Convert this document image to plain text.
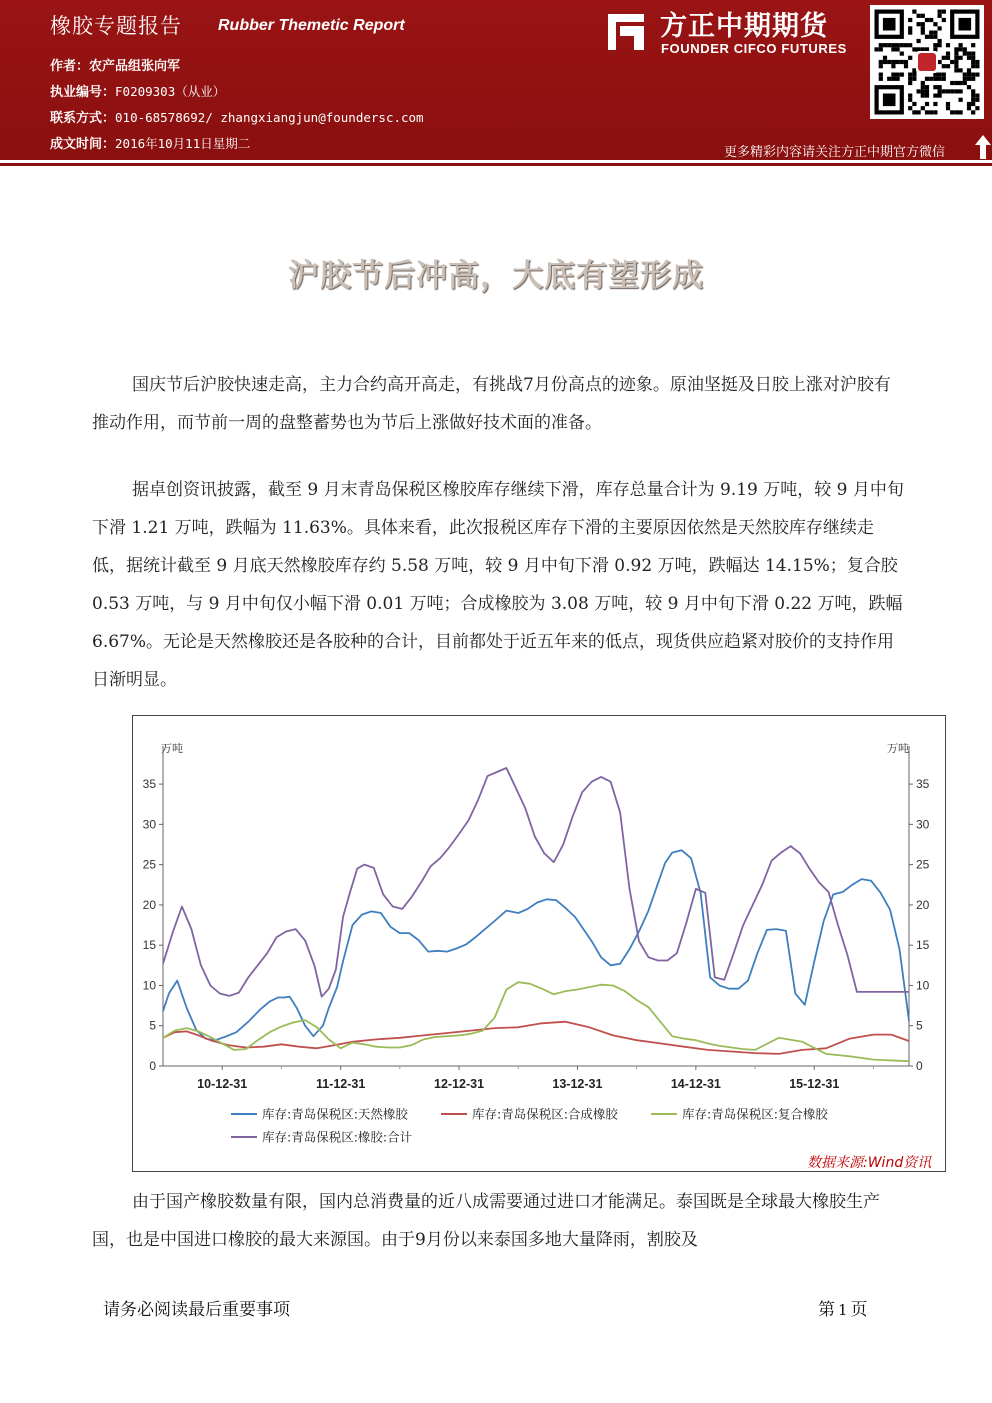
橡胶专题报告 Rubber Themetic Report
作者：农产品组张向军
执业编号：F0209303（从业）
联系方式：010-68578692/ zhangxiangjun@foundersc.com
成文时间：2016年10月11日星期二
方正中期期货
FOUNDER CIFCO FUTURES
更多精彩内容请关注方正中期官方微信
沪胶节后冲高，大底有望形成

国庆节后沪胶快速走高，主力合约高开高走，有挑战7月份高点的迹象。原油坚挺及日胶上涨对沪胶有推动作用，而节前一周的盘整蓄势也为节后上涨做好技术面的准备。

据卓创资讯披露，截至 9 月末青岛保税区橡胶库存继续下滑，库存总量合计为 9.19 万吨，较 9 月中旬下滑 1.21 万吨，跌幅为 11.63%。具体来看，此次报税区库存下滑的主要原因依然是天然胶库存继续走低，据统计截至 9 月底天然橡胶库存约 5.58 万吨，较 9 月中旬下滑 0.92 万吨，跌幅达 14.15%；复合胶 0.53 万吨，与 9 月中旬仅小幅下滑 0.01 万吨；合成橡胶为 3.08 万吨，较 9 月中旬下滑 0.22 万吨，跌幅 6.67%。无论是天然橡胶还是各胶种的合计，目前都处于近五年来的低点，现货供应趋紧对胶价的支持作用日渐明显。

万吨	万吨
0	0
5	5
10	10
15	15
20	20
25	25
30	30
35	35
10-12-31	11-12-31	12-12-31	13-12-31	14-12-31	15-12-31
库存:青岛保税区:天然橡胶	库存:青岛保税区:合成橡胶	库存:青岛保税区:复合橡胶
库存:青岛保税区:橡胶:合计
数据来源:Wind资讯

由于国产橡胶数量有限，国内总消费量的近八成需要通过进口才能满足。泰国既是全球最大橡胶生产国，也是中国进口橡胶的最大来源国。由于9月份以来泰国多地大量降雨，割胶及

请务必阅读最后重要事项	第 1 页
